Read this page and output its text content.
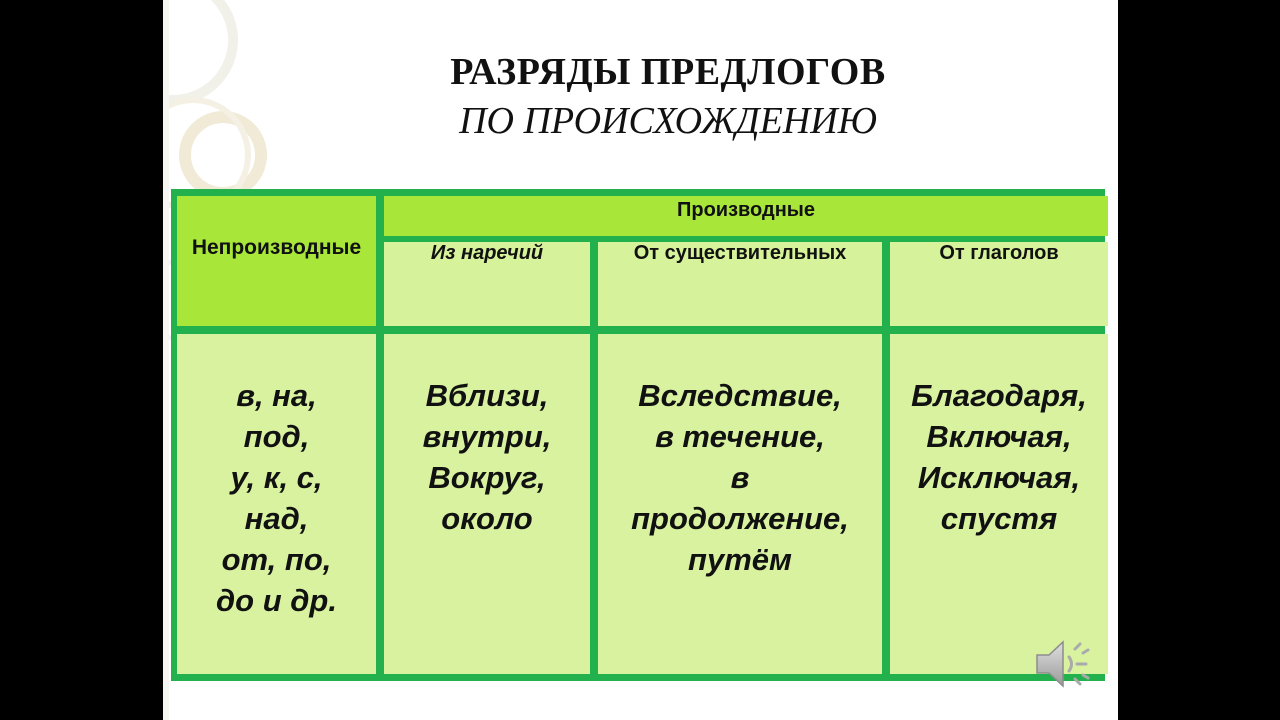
РАЗРЯДЫ ПРЕДЛОГОВ
ПО ПРОИСХОЖДЕНИЮ
Непроизводные
Производные
Из наречий	От существительных	От глаголов
в, на,
под,
у, к, с,
над,
от, по,
до и др.
Вблизи,
внутри,
Вокруг,
около
Вследствие,
в течение,
в
продолжение,
путём
Благодаря,
Включая,
Исключая,
спустя
